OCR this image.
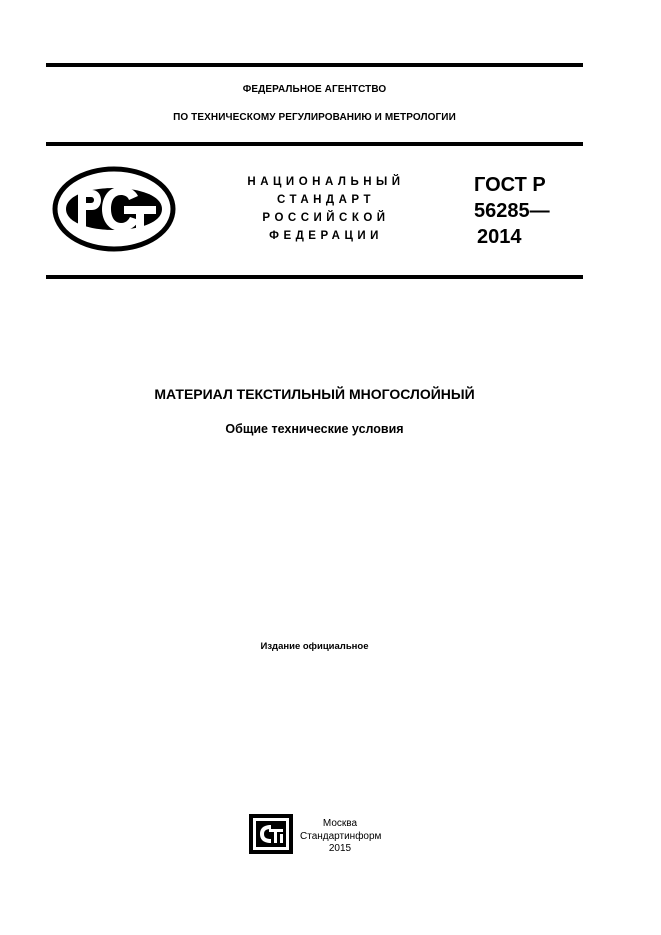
ФЕДЕРАЛЬНОЕ АГЕНТСТВО
ПО ТЕХНИЧЕСКОМУ РЕГУЛИРОВАНИЮ И МЕТРОЛОГИИ
НАЦИОНАЛЬНЫЙ
СТАНДАРТ
РОССИЙСКОЙ
ФЕДЕРАЦИИ
ГОСТ Р
56285—
2014
МАТЕРИАЛ ТЕКСТИЛЬНЫЙ МНОГОСЛОЙНЫЙ
Общие технические условия
Издание официальное
Москва
Стандартинформ
2015
